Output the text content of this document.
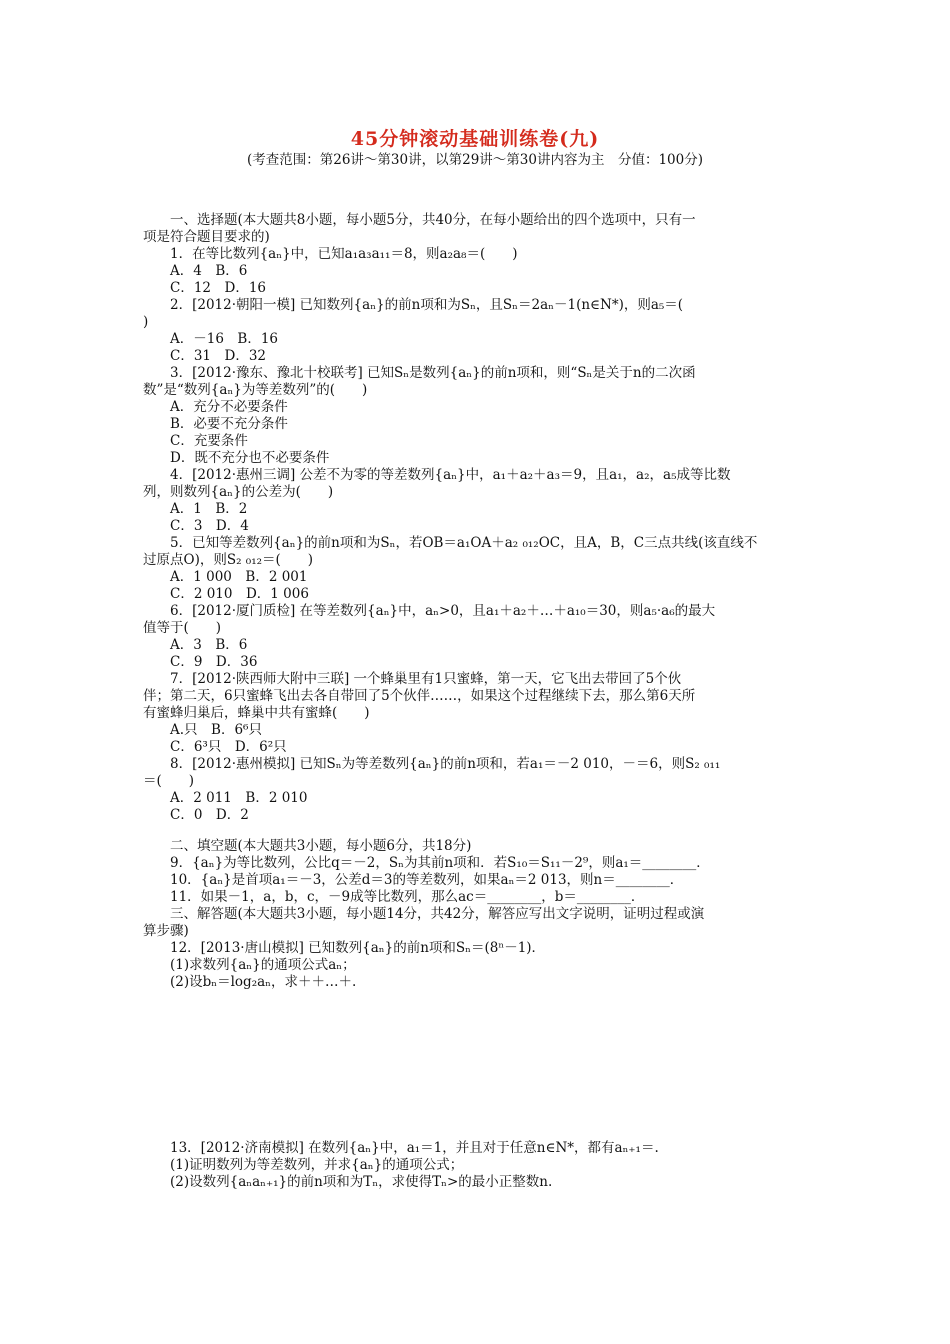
45分钟滚动基础训练卷(九)
(考查范围：第26讲～第30讲，以第29讲～第30讲内容为主　分值：100分)
一、选择题(本大题共8小题，每小题5分，共40分，在每小题给出的四个选项中，只有一
项是符合题目要求的)
1．在等比数列{aₙ}中，已知a₁a₃a₁₁＝8，则a₂a₈＝(　　)
A．4　B．6
C．12　D．16
2．[2012·朝阳一模] 已知数列{aₙ}的前n项和为Sₙ，且Sₙ＝2aₙ－1(n∈N*)，则a₅＝(
)
A．－16　B．16
C．31　D．32
3．[2012·豫东、豫北十校联考] 已知Sₙ是数列{aₙ}的前n项和，则“Sₙ是关于n的二次函
数”是“数列{aₙ}为等差数列”的(　　)
A．充分不必要条件
B．必要不充分条件
C．充要条件
D．既不充分也不必要条件
4．[2012·惠州三调] 公差不为零的等差数列{aₙ}中，a₁＋a₂＋a₃＝9，且a₁，a₂，a₅成等比数
列，则数列{aₙ}的公差为(　　)
A．1　B．2
C．3　D．4
5．已知等差数列{aₙ}的前n项和为Sₙ，若OB＝a₁OA＋a₂ ₀₁₂OC，且A，B，C三点共线(该直线不
过原点O)，则S₂ ₀₁₂＝(　　)
A．1 000　B．2 001
C．2 010　D．1 006
6．[2012·厦门质检] 在等差数列{aₙ}中，aₙ>0，且a₁＋a₂＋…＋a₁₀＝30，则a₅·a₆的最大
值等于(　　)
A．3　B．6
C．9　D．36
7．[2012·陕西师大附中三联] 一个蜂巢里有1只蜜蜂，第一天，它飞出去带回了5个伙
伴；第二天，6只蜜蜂飞出去各自带回了5个伙伴……，如果这个过程继续下去，那么第6天所
有蜜蜂归巢后，蜂巢中共有蜜蜂(　　)
A.只　B．6⁶只
C．6³只　D．6²只
8．[2012·惠州模拟] 已知Sₙ为等差数列{aₙ}的前n项和，若a₁＝－2 010，－＝6，则S₂ ₀₁₁
＝(　　)
A．2 011　B．2 010
C．0　D．2
二、填空题(本大题共3小题，每小题6分，共18分)
9．{aₙ}为等比数列，公比q＝－2，Sₙ为其前n项和．若S₁₀＝S₁₁－2⁹，则a₁＝________．
10．{aₙ}是首项a₁＝－3，公差d＝3的等差数列，如果aₙ＝2 013，则n＝________．
11．如果－1，a，b，c，－9成等比数列，那么ac＝________，b＝________．
三、解答题(本大题共3小题，每小题14分，共42分，解答应写出文字说明，证明过程或演
算步骤)
12．[2013·唐山模拟] 已知数列{aₙ}的前n项和Sₙ＝(8ⁿ－1)．
(1)求数列{aₙ}的通项公式aₙ；
(2)设bₙ＝log₂aₙ，求＋＋…＋.
13．[2012·济南模拟] 在数列{aₙ}中，a₁＝1，并且对于任意n∈N*，都有aₙ₊₁＝.
(1)证明数列为等差数列，并求{aₙ}的通项公式；
(2)设数列{aₙaₙ₊₁}的前n项和为Tₙ，求使得Tₙ>的最小正整数n.
